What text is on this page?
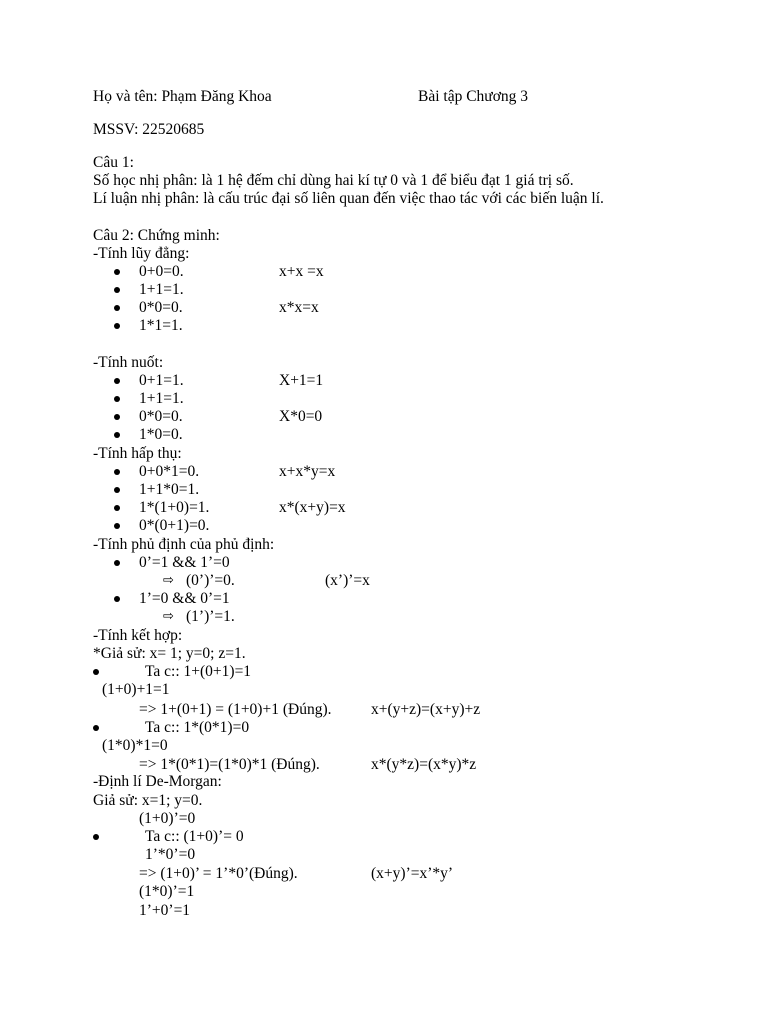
Họ và tên: Phạm Đăng Khoa	Bài tập Chương 3
MSSV: 22520685
Câu 1:
Số học nhị phân: là 1 hệ đếm chỉ dùng hai kí tự 0 và 1 để biểu đạt 1 giá trị số.
Lí luận nhị phân: là cấu trúc đại số liên quan đến việc thao tác với các biến luận lí.
Câu 2: Chứng minh:
-Tính lũy đẳng:
0+0=0.	x+x =x
1+1=1.
0*0=0.	x*x=x
1*1=1.
-Tính nuốt:
0+1=1.	X+1=1
1+1=1.
0*0=0.	X*0=0
1*0=0.
-Tính hấp thụ:
0+0*1=0.	x+x*y=x
1+1*0=1.
1*(1+0)=1.	x*(x+y)=x
0*(0+1)=0.
-Tính phủ định của phủ định:
0’=1 && 1’=0
⇨ (0’)’=0.	(x’)’=x
1’=0 && 0’=1
⇨ (1’)’=1.
-Tính kết hợp:
*Giả sử: x= 1; y=0; z=1.
Ta c:: 1+(0+1)=1
(1+0)+1=1
=> 1+(0+1) = (1+0)+1 (Đúng).	x+(y+z)=(x+y)+z
Ta c:: 1*(0*1)=0
(1*0)*1=0
=> 1*(0*1)=(1*0)*1 (Đúng).	x*(y*z)=(x*y)*z
-Định lí De-Morgan:
Giả sử: x=1; y=0.
(1+0)’=0
Ta c:: (1+0)’= 0
1’*0’=0
=> (1+0)’ = 1’*0’(Đúng).	(x+y)’=x’*y’
(1*0)’=1
1’+0’=1
